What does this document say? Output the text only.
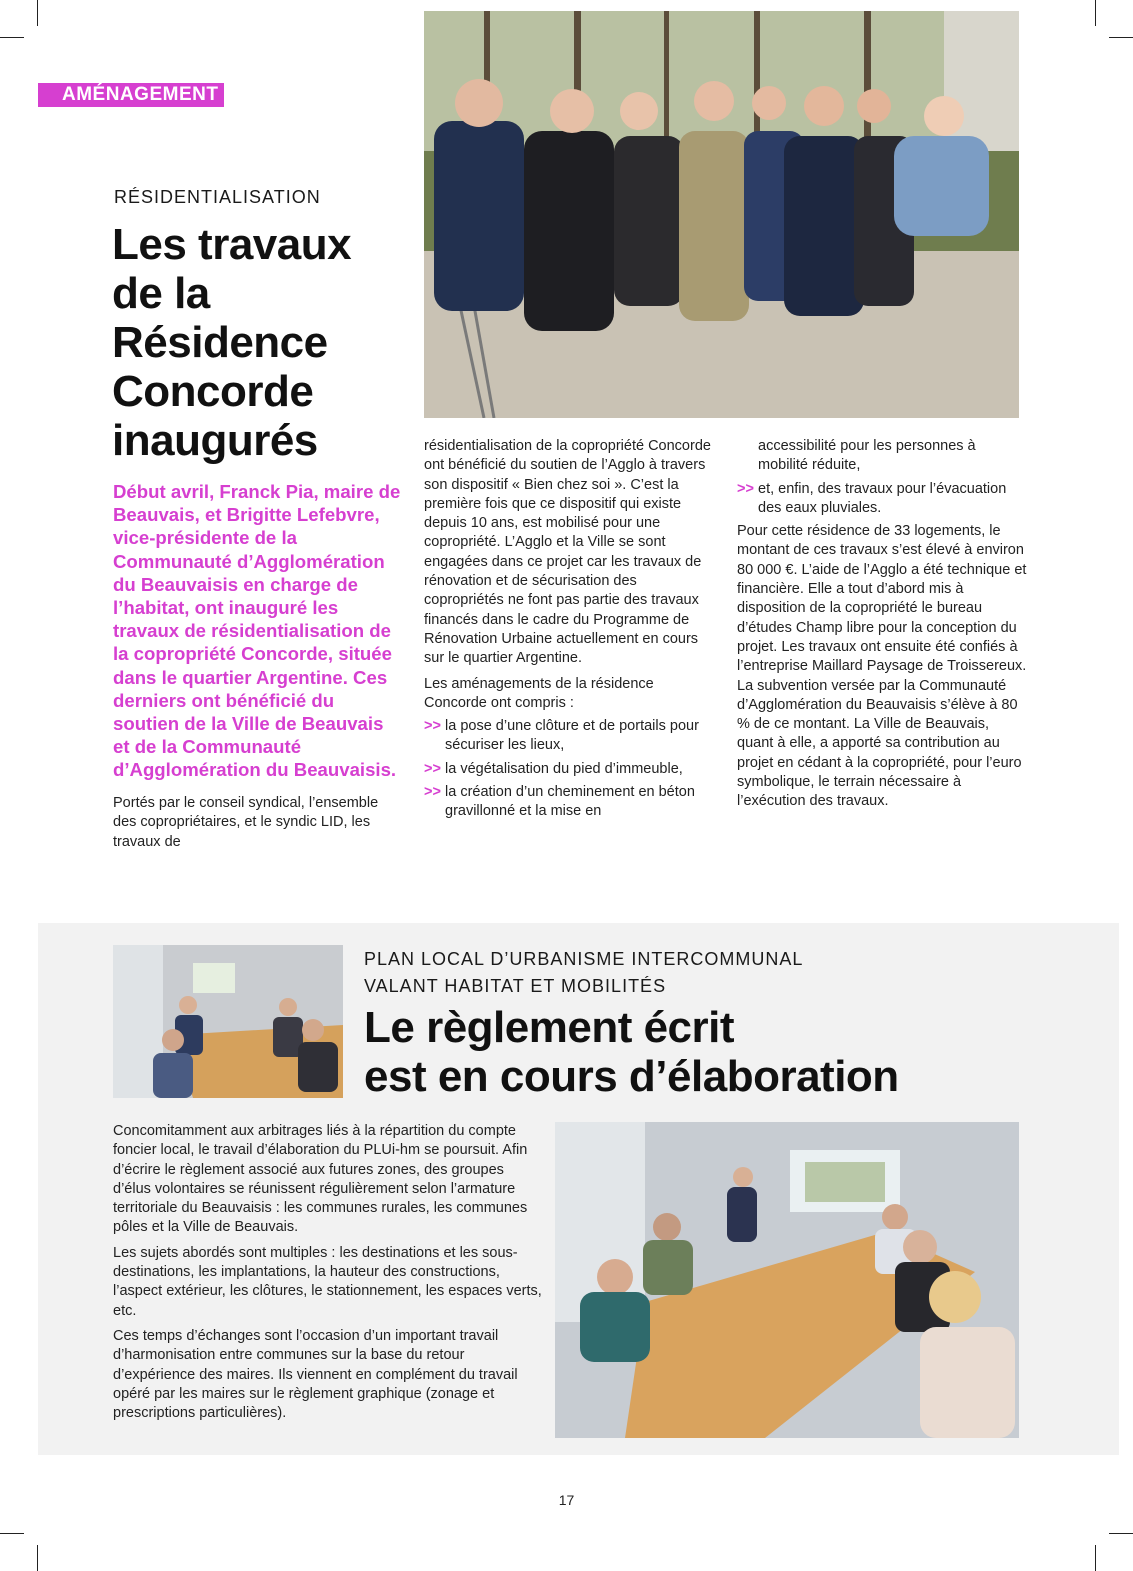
AMÉNAGEMENT
RÉSIDENTIALISATION
Les travaux
de la
Résidence
Concorde
inaugurés

Début avril, Franck Pia, maire de Beauvais, et Brigitte Lefebvre, vice-présidente de la Communauté d’Agglomération du Beauvaisis en charge de l’habitat, ont inauguré les travaux de résidentialisation de la copropriété Concorde, située dans le quartier Argentine. Ces derniers ont bénéficié du soutien de la Ville de Beauvais et de la Communauté d’Agglomération du Beauvaisis.

Portés par le conseil syndical, l’ensemble des copropriétaires, et le syndic LID, les travaux de

résidentialisation de la copropriété Concorde ont bénéficié du soutien de l’Agglo à travers son dispositif « Bien chez soi ». C’est la première fois que ce dispositif qui existe depuis 10 ans, est mobilisé pour une copropriété. L’Agglo et la Ville se sont engagées dans ce projet car les travaux de rénovation et de sécurisation des copropriétés ne font pas partie des travaux financés dans le cadre du Programme de Rénovation Urbaine actuellement en cours sur le quartier Argentine.

Les aménagements de la résidence Concorde ont compris :

>> la pose d’une clôture et de portails pour sécuriser les lieux,
>> la végétalisation du pied d’immeuble,
>> la création d’un cheminement en béton gravillonné et la mise en
accessibilité pour les personnes à mobilité réduite,
>> et, enfin, des travaux pour l’évacuation des eaux pluviales.

Pour cette résidence de 33 logements, le montant de ces travaux s’est élevé à environ 80 000 €. L’aide de l’Agglo a été technique et financière. Elle a tout d’abord mis à disposition de la copropriété le bureau d’études Champ libre pour la conception du projet. Les travaux ont ensuite été confiés à l’entreprise Maillard Paysage de Troissereux. La subvention versée par la Communauté d’Agglomération du Beauvaisis s’élève à 80 % de ce montant. La Ville de Beauvais, quant à elle, a apporté sa contribution au projet en cédant à la copropriété, pour l’euro symbolique, le terrain nécessaire à l’exécution des travaux.

PLAN LOCAL D’URBANISME INTERCOMMUNAL
VALANT HABITAT ET MOBILITÉS
Le règlement écrit
est en cours d’élaboration

Concomitamment aux arbitrages liés à la répartition du compte foncier local, le travail d’élaboration du PLUi-hm se poursuit. Afin d’écrire le règlement associé aux futures zones, des groupes d’élus volontaires se réunissent régulièrement selon l’armature territoriale du Beauvaisis : les communes rurales, les communes pôles et la Ville de Beauvais.

Les sujets abordés sont multiples : les destinations et les sous-destinations, les implantations, la hauteur des constructions, l’aspect extérieur, les clôtures, le stationnement, les espaces verts, etc.

Ces temps d’échanges sont l’occasion d’un important travail d’harmonisation entre communes sur la base du retour d’expérience des maires. Ils viennent en complément du travail opéré par les maires sur le règlement graphique (zonage et prescriptions particulières).

17
